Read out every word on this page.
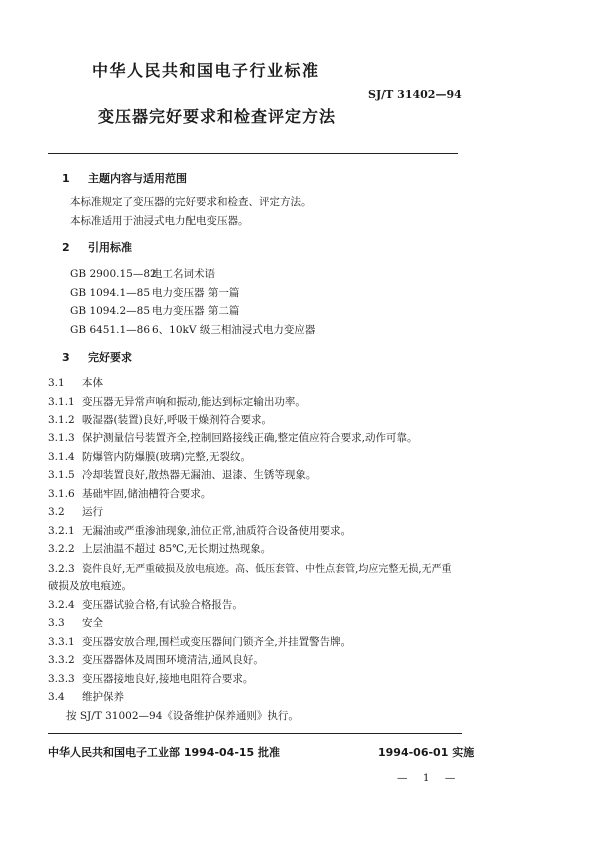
中华人民共和国电子行业标准
SJ/T 31402—94
变压器完好要求和检查评定方法
1 主题内容与适用范围
本标准规定了变压器的完好要求和检查、评定方法。
本标准适用于油浸式电力配电变压器。
2 引用标准
GB 2900.15—82电工名词术语
GB 1094.1—85 电力变压器 第一篇
GB 1094.2—85 电力变压器 第二篇
GB 6451.1—86 6、10kV 级三相油浸式电力变应器
3 完好要求
3.1 本体
3.1.1 变压器无异常声响和振动,能达到标定输出功率。
3.1.2 吸湿器(装置)良好,呼吸干燥剂符合要求。
3.1.3 保护测量信号装置齐全,控制回路接线正确,整定值应符合要求,动作可靠。
3.1.4 防爆管内防爆膜(玻璃)完整,无裂纹。
3.1.5 冷却装置良好,散热器无漏油、退漆、生锈等现象。
3.1.6 基础牢固,储油槽符合要求。
3.2 运行
3.2.1 无漏油或严重渗油现象,油位正常,油质符合设备使用要求。
3.2.2 上层油温不超过 85℃,无长期过热现象。
3.2.3 瓷件良好,无严重破损及放电痕迹。高、低压套管、中性点套管,均应完整无损,无严重
破损及放电痕迹。
3.2.4 变压器试验合格,有试验合格报告。
3.3 安全
3.3.1 变压器安放合理,围栏或变压器间门锁齐全,并挂置警告牌。
3.3.2 变压器器体及周围环境清洁,通风良好。
3.3.3 变压器接地良好,接地电阻符合要求。
3.4 维护保养
按 SJ/T 31002—94《设备维护保养通则》执行。
中华人民共和国电子工业部 1994-04-15 批准	1994-06-01 实施
— 1 —
